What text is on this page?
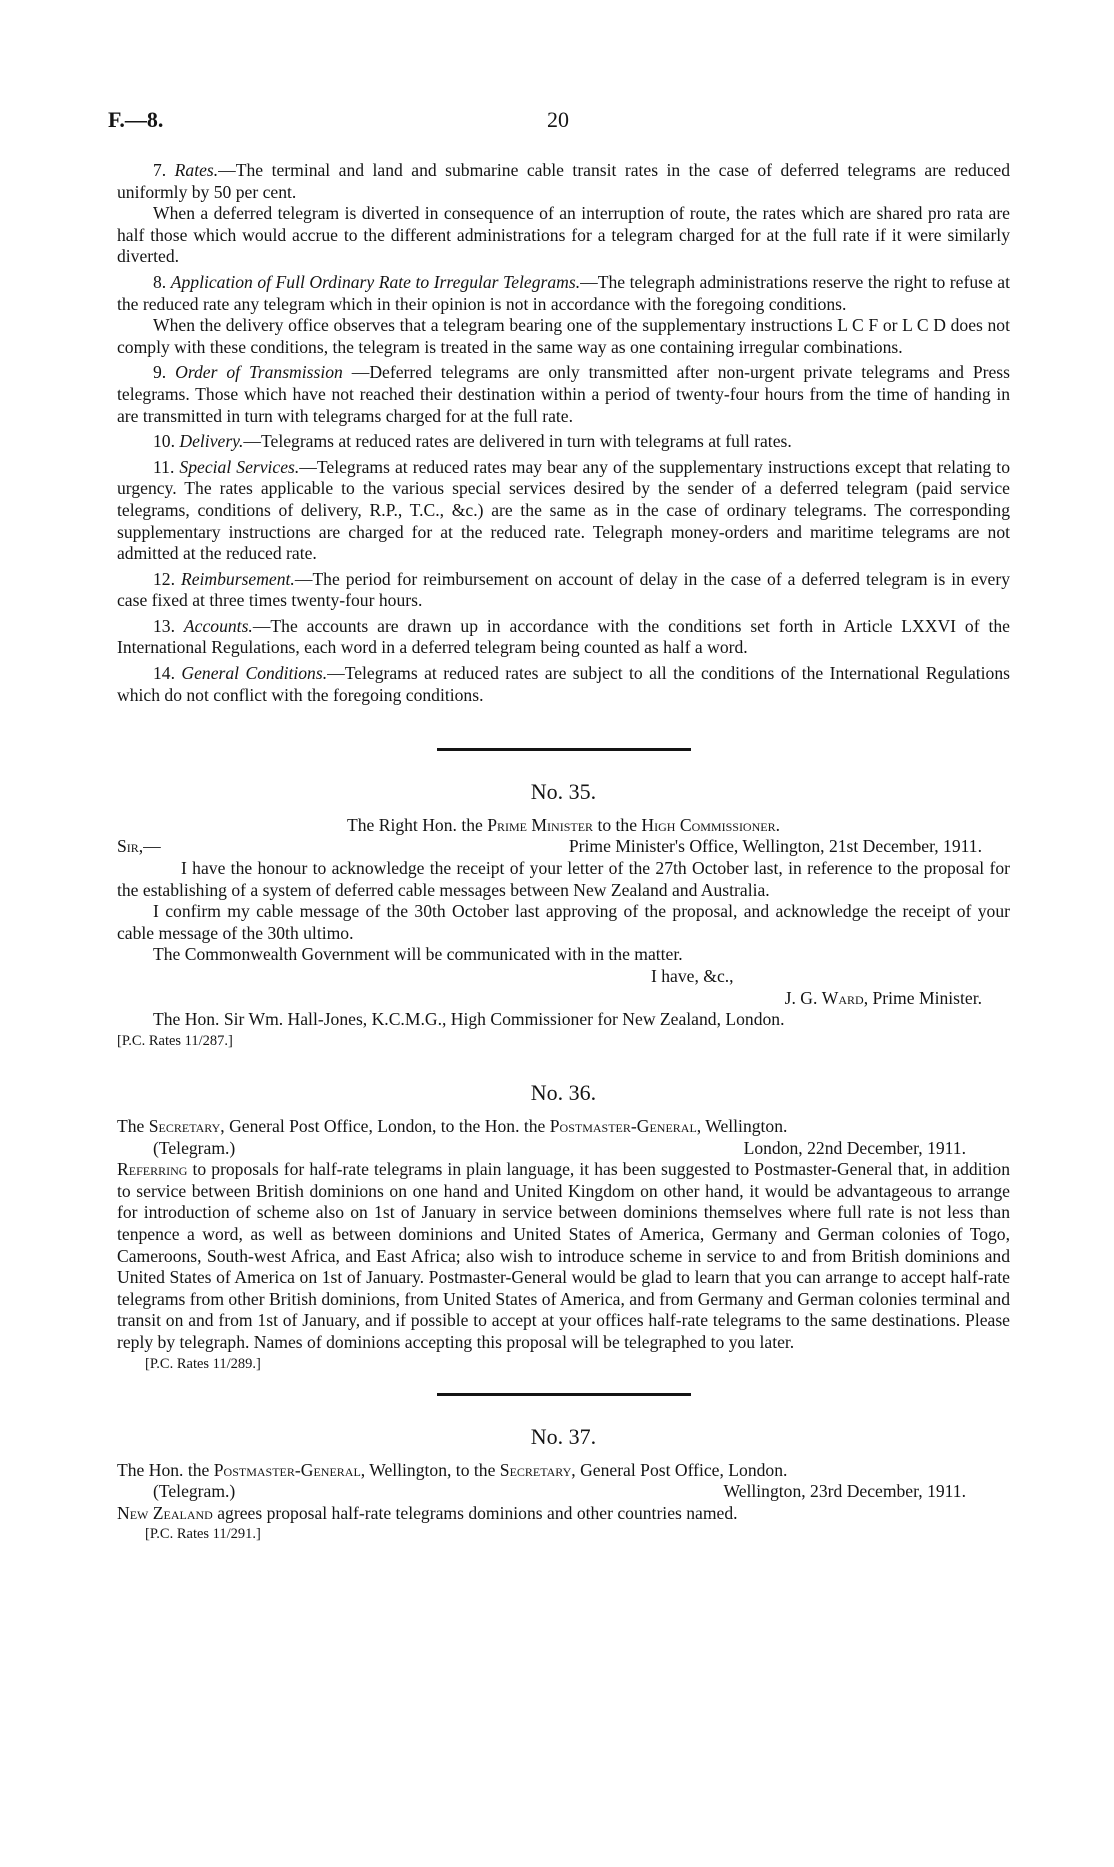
F.—8.	20

7. Rates.—The terminal and land and submarine cable transit rates in the case of deferred telegrams are reduced uniformly by 50 per cent.

When a deferred telegram is diverted in consequence of an interruption of route, the rates which are shared pro rata are half those which would accrue to the different administrations for a telegram charged for at the full rate if it were similarly diverted.

8. Application of Full Ordinary Rate to Irregular Telegrams.—The telegraph administrations reserve the right to refuse at the reduced rate any telegram which in their opinion is not in accordance with the foregoing conditions.

When the delivery office observes that a telegram bearing one of the supplementary instructions L C F or L C D does not comply with these conditions, the telegram is treated in the same way as one containing irregular combinations.

9. Order of Transmission —Deferred telegrams are only transmitted after non-urgent private telegrams and Press telegrams. Those which have not reached their destination within a period of twenty-four hours from the time of handing in are transmitted in turn with telegrams charged for at the full rate.

10. Delivery.—Telegrams at reduced rates are delivered in turn with telegrams at full rates.

11. Special Services.—Telegrams at reduced rates may bear any of the supplementary instructions except that relating to urgency. The rates applicable to the various special services desired by the sender of a deferred telegram (paid service telegrams, conditions of delivery, R.P., T.C., &c.) are the same as in the case of ordinary telegrams. The corresponding supplementary instructions are charged for at the reduced rate. Telegraph money-orders and maritime telegrams are not admitted at the reduced rate.

12. Reimbursement.—The period for reimbursement on account of delay in the case of a deferred telegram is in every case fixed at three times twenty-four hours.

13. Accounts.—The accounts are drawn up in accordance with the conditions set forth in Article LXXVI of the International Regulations, each word in a deferred telegram being counted as half a word.

14. General Conditions.—Telegrams at reduced rates are subject to all the conditions of the International Regulations which do not conflict with the foregoing conditions.

No. 35.

The Right Hon. the Prime Minister to the High Commissioner.

Sir,—	Prime Minister's Office, Wellington, 21st December, 1911.

I have the honour to acknowledge the receipt of your letter of the 27th October last, in reference to the proposal for the establishing of a system of deferred cable messages between New Zealand and Australia.

I confirm my cable message of the 30th October last approving of the proposal, and acknowledge the receipt of your cable message of the 30th ultimo.

The Commonwealth Government will be communicated with in the matter.

I have, &c.,

J. G. Ward, Prime Minister.

The Hon. Sir Wm. Hall-Jones, K.C.M.G., High Commissioner for New Zealand, London.

[P.C. Rates 11/287.]

No. 36.

The Secretary, General Post Office, London, to the Hon. the Postmaster-General, Wellington.

(Telegram.)	London, 22nd December, 1911.

Referring to proposals for half-rate telegrams in plain language, it has been suggested to Postmaster-General that, in addition to service between British dominions on one hand and United Kingdom on other hand, it would be advantageous to arrange for introduction of scheme also on 1st of January in service between dominions themselves where full rate is not less than tenpence a word, as well as between dominions and United States of America, Germany and German colonies of Togo, Cameroons, South-west Africa, and East Africa; also wish to introduce scheme in service to and from British dominions and United States of America on 1st of January. Postmaster-General would be glad to learn that you can arrange to accept half-rate telegrams from other British dominions, from United States of America, and from Germany and German colonies terminal and transit on and from 1st of January, and if possible to accept at your offices half-rate telegrams to the same destinations. Please reply by telegraph. Names of dominions accepting this proposal will be telegraphed to you later.

[P.C. Rates 11/289.]

No. 37.

The Hon. the Postmaster-General, Wellington, to the Secretary, General Post Office, London.

(Telegram.)	Wellington, 23rd December, 1911.

New Zealand agrees proposal half-rate telegrams dominions and other countries named.

[P.C. Rates 11/291.]
